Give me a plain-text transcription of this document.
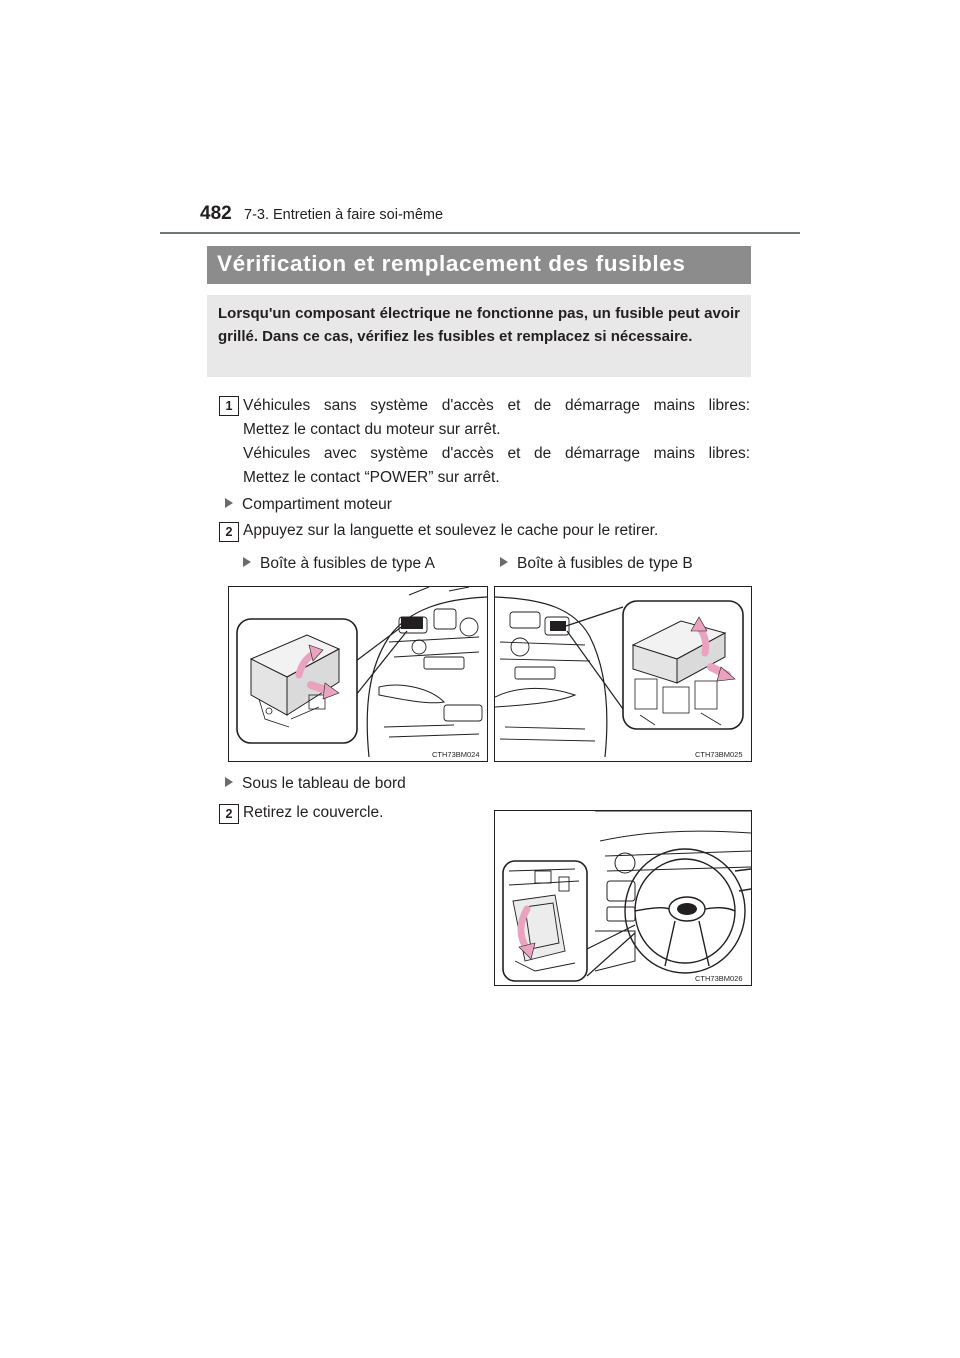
482 7-3. Entretien à faire soi-même
Vérification et remplacement des fusibles
Lorsqu'un composant électrique ne fonctionne pas, un fusible peut avoir grillé. Dans ce cas, vérifiez les fusibles et remplacez si nécessaire.
1 Véhicules sans système d'accès et de démarrage mains libres:
Mettez le contact du moteur sur arrêt.
Véhicules avec système d'accès et de démarrage mains libres:
Mettez le contact “POWER” sur arrêt.
Compartiment moteur
2 Appuyez sur la languette et soulevez le cache pour le retirer.
Boîte à fusibles de type A	Boîte à fusibles de type B
CTH73BM024	CTH73BM025
Sous le tableau de bord
2 Retirez le couvercle.
CTH73BM026
